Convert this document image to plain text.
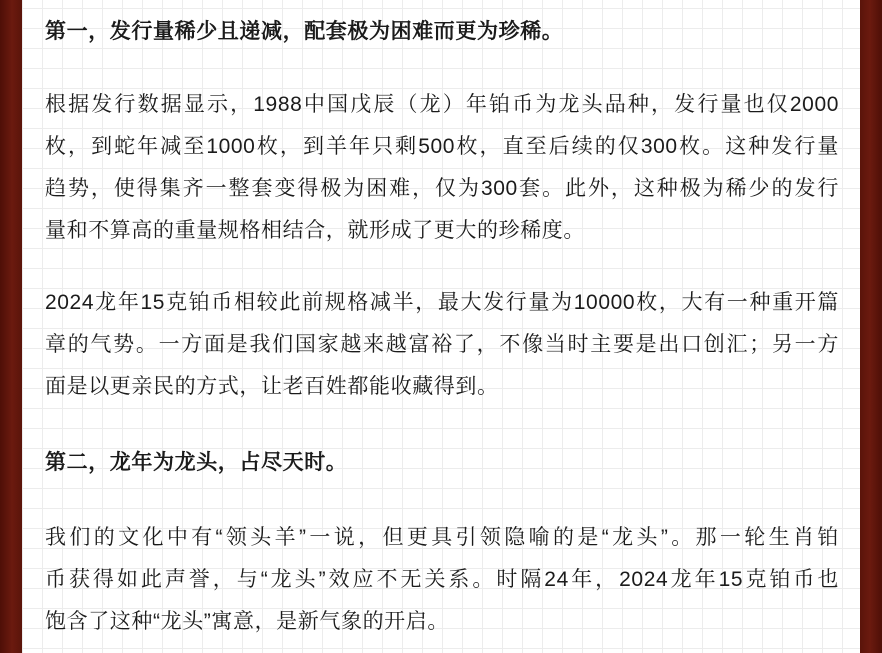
第一，发行量稀少且递减，配套极为困难而更为珍稀。
根据发行数据显示，1988中国戊辰（龙）年铂币为龙头品种，发行量也仅2000
枚，到蛇年减至1000枚，到羊年只剩500枚，直至后续的仅300枚。这种发行量
趋势，使得集齐一整套变得极为困难，仅为300套。此外，这种极为稀少的发行
量和不算高的重量规格相结合，就形成了更大的珍稀度。
2024龙年15克铂币相较此前规格减半，最大发行量为10000枚，大有一种重开篇
章的气势。一方面是我们国家越来越富裕了，不像当时主要是出口创汇；另一方
面是以更亲民的方式，让老百姓都能收藏得到。
第二，龙年为龙头，占尽天时。
我们的文化中有“领头羊”一说，但更具引领隐喻的是“龙头”。那一轮生肖铂
币获得如此声誉，与“龙头”效应不无关系。时隔24年，2024龙年15克铂币也
饱含了这种“龙头”寓意，是新气象的开启。
